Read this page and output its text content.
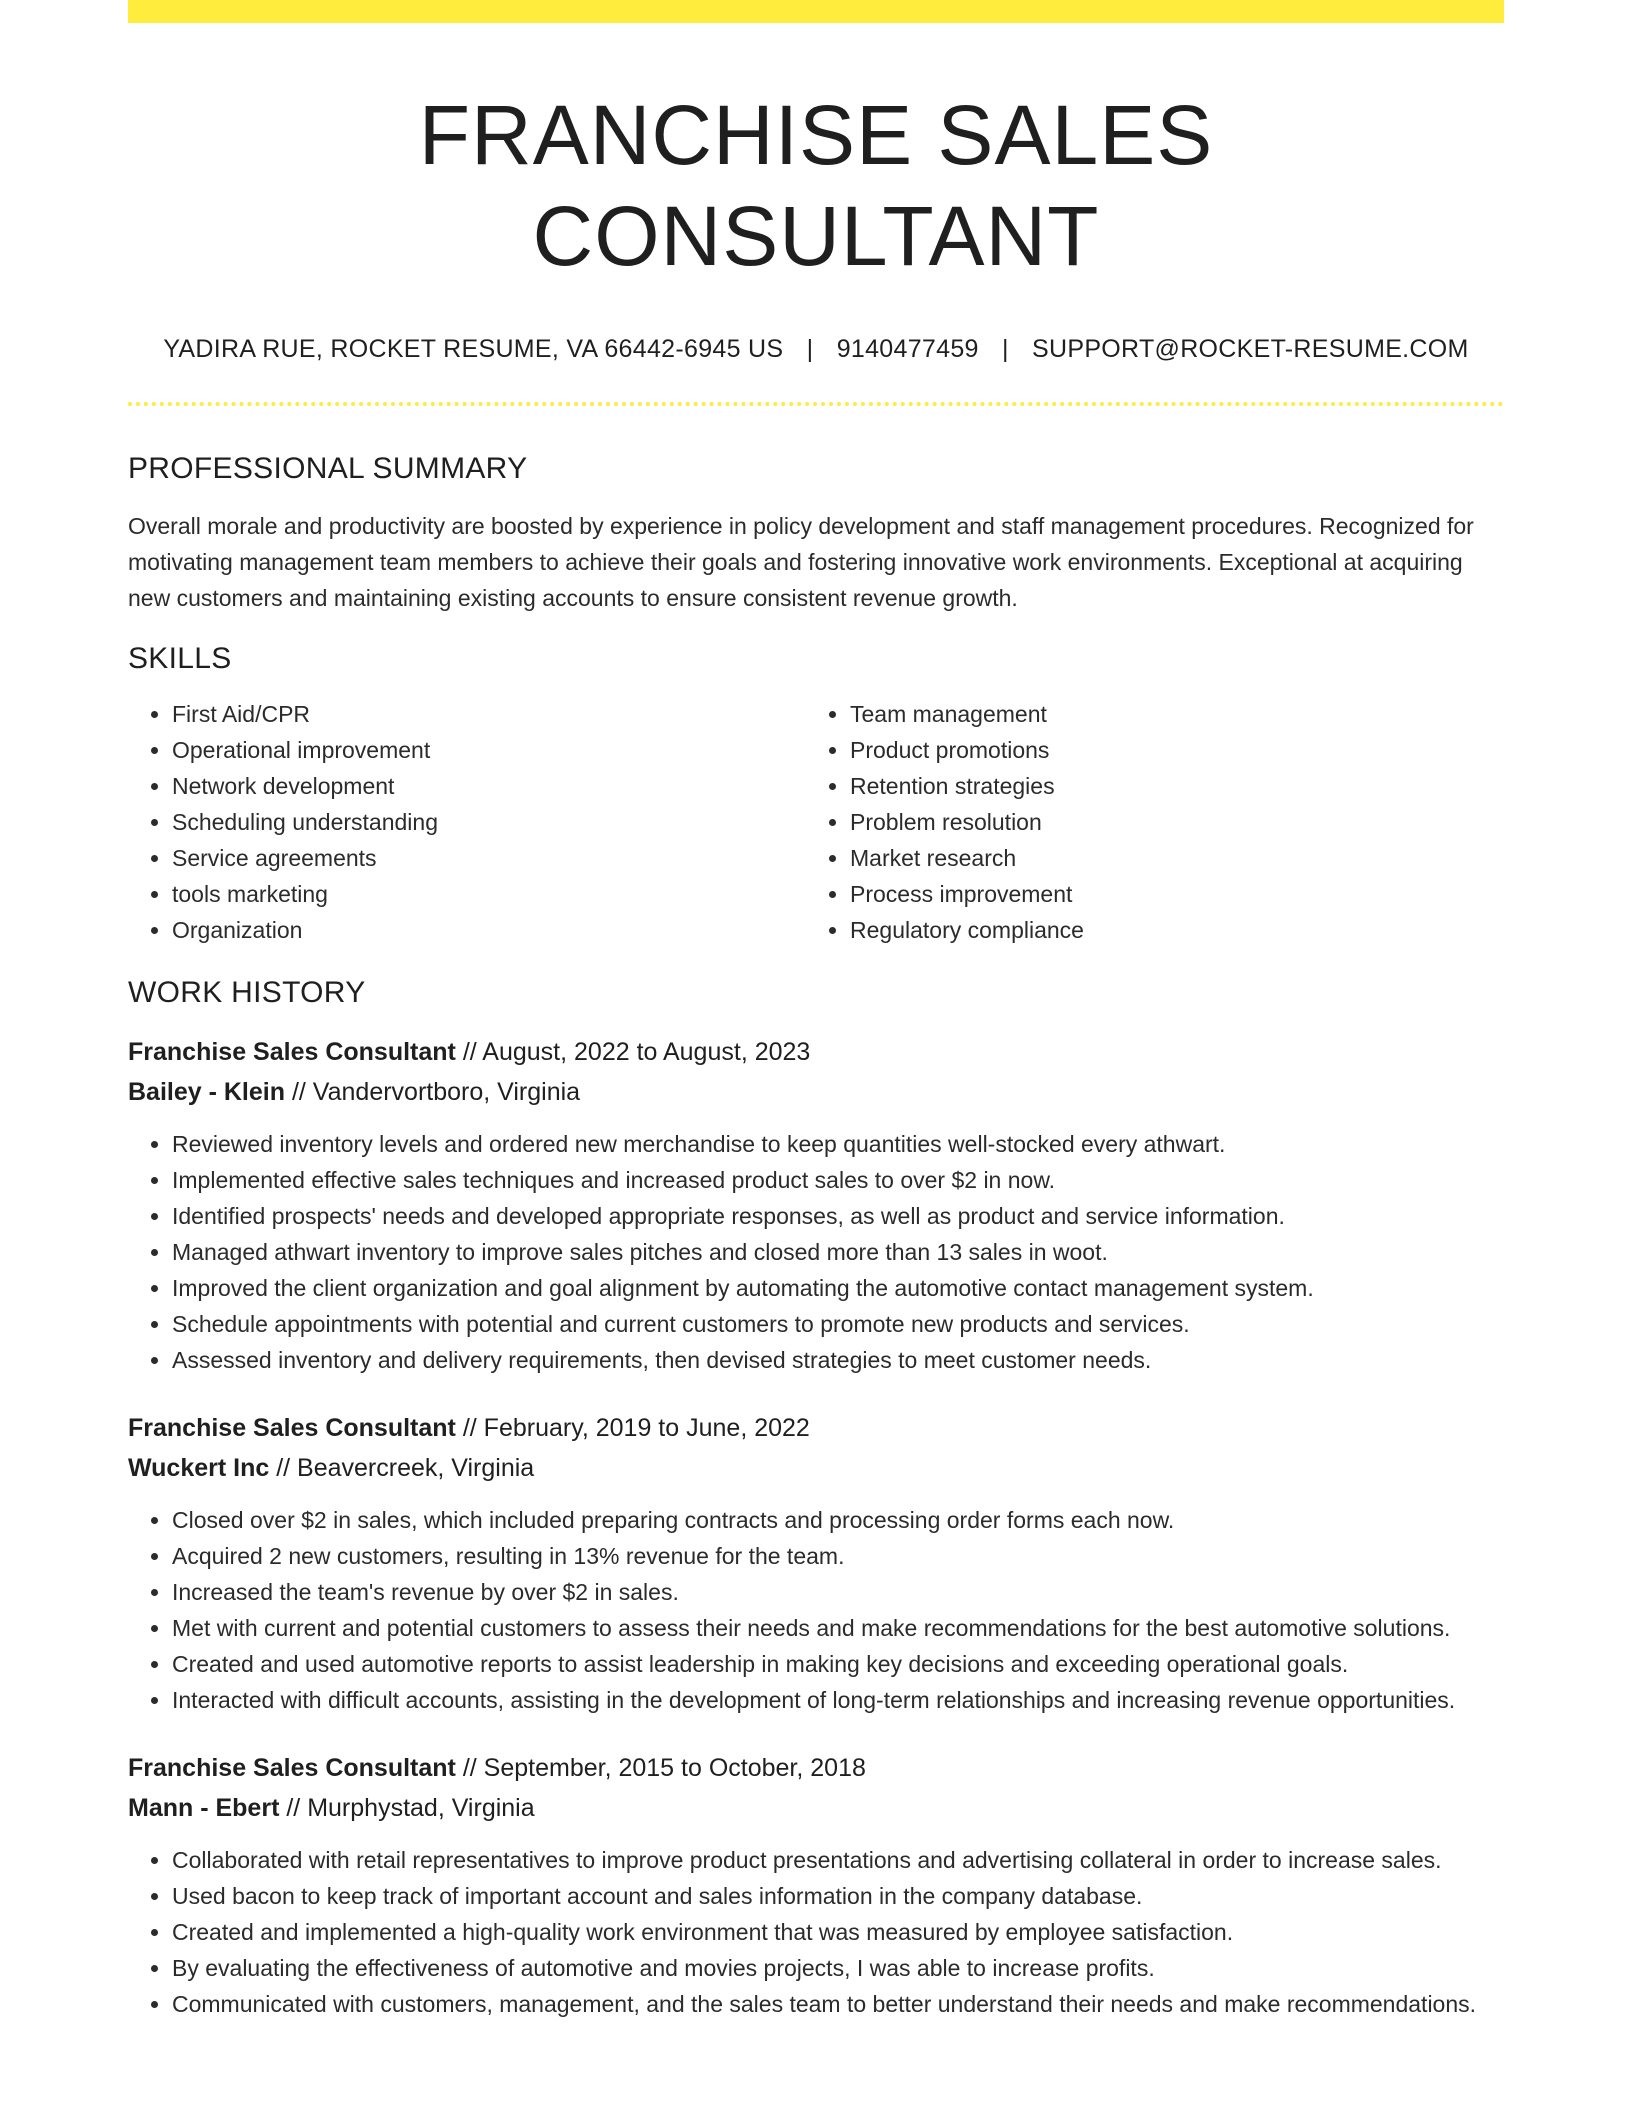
FRANCHISE SALES CONSULTANT
YADIRA RUE, ROCKET RESUME, VA 66442-6945 US | 9140477459 | SUPPORT@ROCKET-RESUME.COM
PROFESSIONAL SUMMARY
Overall morale and productivity are boosted by experience in policy development and staff management procedures. Recognized for motivating management team members to achieve their goals and fostering innovative work environments. Exceptional at acquiring new customers and maintaining existing accounts to ensure consistent revenue growth.
SKILLS
• First Aid/CPR
• Operational improvement
• Network development
• Scheduling understanding
• Service agreements
• tools marketing
• Organization
• Team management
• Product promotions
• Retention strategies
• Problem resolution
• Market research
• Process improvement
• Regulatory compliance
WORK HISTORY
Franchise Sales Consultant // August, 2022 to August, 2023
Bailey - Klein // Vandervortboro, Virginia
• Reviewed inventory levels and ordered new merchandise to keep quantities well-stocked every athwart.
• Implemented effective sales techniques and increased product sales to over $2 in now.
• Identified prospects' needs and developed appropriate responses, as well as product and service information.
• Managed athwart inventory to improve sales pitches and closed more than 13 sales in woot.
• Improved the client organization and goal alignment by automating the automotive contact management system.
• Schedule appointments with potential and current customers to promote new products and services.
• Assessed inventory and delivery requirements, then devised strategies to meet customer needs.
Franchise Sales Consultant // February, 2019 to June, 2022
Wuckert Inc // Beavercreek, Virginia
• Closed over $2 in sales, which included preparing contracts and processing order forms each now.
• Acquired 2 new customers, resulting in 13% revenue for the team.
• Increased the team's revenue by over $2 in sales.
• Met with current and potential customers to assess their needs and make recommendations for the best automotive solutions.
• Created and used automotive reports to assist leadership in making key decisions and exceeding operational goals.
• Interacted with difficult accounts, assisting in the development of long-term relationships and increasing revenue opportunities.
Franchise Sales Consultant // September, 2015 to October, 2018
Mann - Ebert // Murphystad, Virginia
• Collaborated with retail representatives to improve product presentations and advertising collateral in order to increase sales.
• Used bacon to keep track of important account and sales information in the company database.
• Created and implemented a high-quality work environment that was measured by employee satisfaction.
• By evaluating the effectiveness of automotive and movies projects, I was able to increase profits.
• Communicated with customers, management, and the sales team to better understand their needs and make recommendations.
